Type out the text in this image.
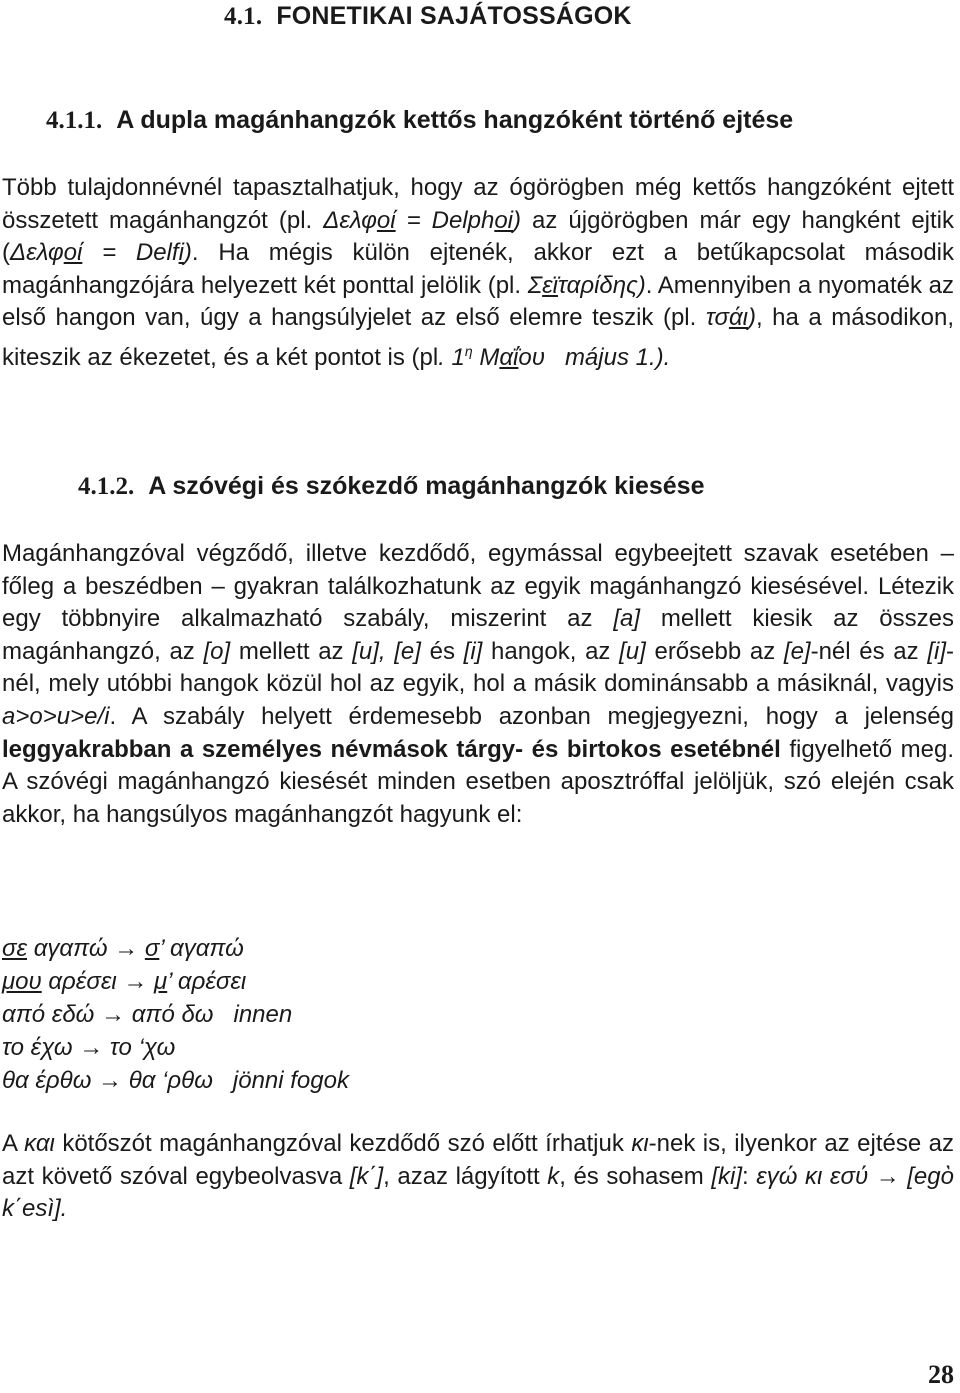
4.1. FONETIKAI SAJÁTOSSÁGOK
4.1.1. A dupla magánhangzók kettős hangzóként történő ejtése
Több tulajdonnévnél tapasztalhatjuk, hogy az ógörögben még kettős hangzóként ejtett összetett magánhangzót (pl. Δελφοί = Delphoi) az újgörögben már egy hangként ejtik (Δελφοί = Delfi). Ha mégis külön ejtenék, akkor ezt a betűkapcsolat második magánhangzójára helyezett két ponttal jelölik (pl. Σεϊταρίδης). Amennyiben a nyomaték az első hangon van, úgy a hangsúlyjelet az első elemre teszik (pl. τσάι), ha a másodikon, kiteszik az ékezetet, és a két pontot is (pl. $1^\eta$ Μαΐου május 1.).
4.1.2. A szóvégi és szókezdő magánhangzók kiesése
Magánhangzóval végződő, illetve kezdődő, egymással egybeejtett szavak esetében – főleg a beszédben – gyakran találkozhatunk az egyik magánhangzó kiesésével. Létezik egy többnyire alkalmazható szabály, miszerint az [a] mellett kiesik az összes magánhangzó, az [o] mellett az [u], [e] és [i] hangok, az [u] erősebb az [e]-nél és az [i]-nél, mely utóbbi hangok közül hol az egyik, hol a másik dominánsabb a másiknál, vagyis a>o>u>e/i. A szabály helyett érdemesebb azonban megjegyezni, hogy a jelenség leggyakrabban a személyes névmások tárgy- és birtokos esetébnél figyelhető meg. A szóvégi magánhangzó kiesését minden esetben aposztróffal jelöljük, szó elején csak akkor, ha hangsúlyos magánhangzót hagyunk el:
σε αγαπώ → σ’ αγαπώ
μου αρέσει → μ’ αρέσει
από εδώ → από δω innen
το έχω → το ‘χω
θα έρθω → θα ‘ρθω jönni fogok
A και kötőszót magánhangzóval kezdődő szó előtt írhatjuk κι-nek is, ilyenkor az ejtése az azt követő szóval egybeolvasva [k΄], azaz lágyított k, és sohasem [ki]: εγώ κι εσύ → [egὸ k΄esì].
28
